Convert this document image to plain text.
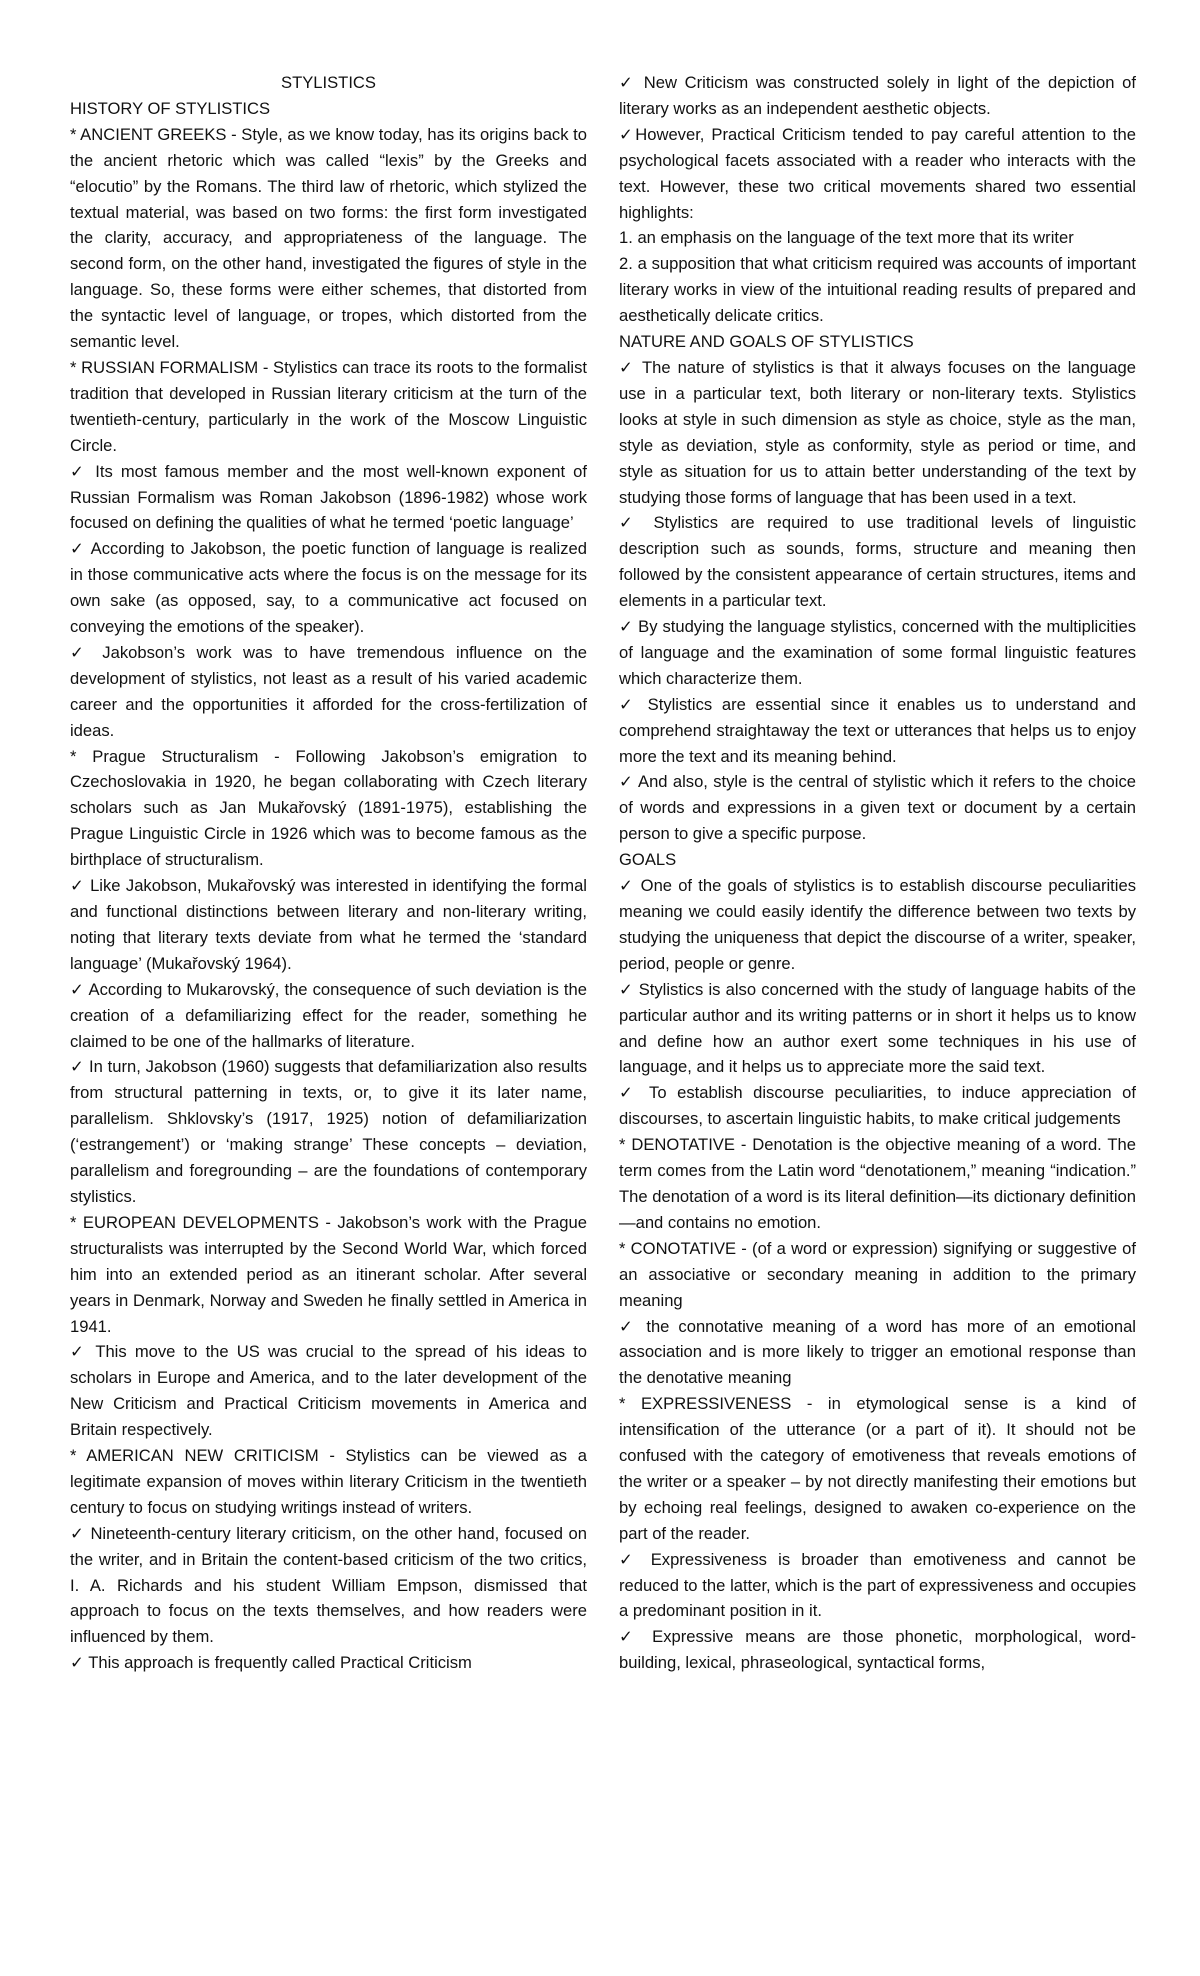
STYLISTICS

HISTORY OF STYLISTICS

* ANCIENT GREEKS - Style, as we know today, has its origins back to the ancient rhetoric which was called “lexis” by the Greeks and “elocutio” by the Romans. The third law of rhetoric, which stylized the textual material, was based on two forms: the first form investigated the clarity, accuracy, and appropriateness of the language. The second form, on the other hand, investigated the figures of style in the language. So, these forms were either schemes, that distorted from the syntactic level of language, or tropes, which distorted from the semantic level.

* RUSSIAN FORMALISM - Stylistics can trace its roots to the formalist tradition that developed in Russian literary criticism at the turn of the twentieth-century, particularly in the work of the Moscow Linguistic Circle.

✓ Its most famous member and the most well-known exponent of Russian Formalism was Roman Jakobson (1896-1982) whose work focused on defining the qualities of what he termed ‘poetic language’

✓ According to Jakobson, the poetic function of language is realized in those communicative acts where the focus is on the message for its own sake (as opposed, say, to a communicative act focused on conveying the emotions of the speaker).

✓ Jakobson’s work was to have tremendous influence on the development of stylistics, not least as a result of his varied academic career and the opportunities it afforded for the cross-fertilization of ideas.

* Prague Structuralism - Following Jakobson’s emigration to Czechoslovakia in 1920, he began collaborating with Czech literary scholars such as Jan Mukařovský (1891-1975), establishing the Prague Linguistic Circle in 1926 which was to become famous as the birthplace of structuralism.

✓ Like Jakobson, Mukařovský was interested in identifying the formal and functional distinctions between literary and non-literary writing, noting that literary texts deviate from what he termed the ‘standard language’ (Mukařovský 1964).

✓ According to Mukarovský, the consequence of such deviation is the creation of a defamiliarizing effect for the reader, something he claimed to be one of the hallmarks of literature.

✓ In turn, Jakobson (1960) suggests that defamiliarization also results from structural patterning in texts, or, to give it its later name, parallelism. Shklovsky’s (1917, 1925) notion of defamiliarization (‘estrangement’) or ‘making strange’ These concepts – deviation, parallelism and foregrounding – are the foundations of contemporary stylistics.

* EUROPEAN DEVELOPMENTS - Jakobson’s work with the Prague structuralists was interrupted by the Second World War, which forced him into an extended period as an itinerant scholar. After several years in Denmark, Norway and Sweden he finally settled in America in 1941.

✓ This move to the US was crucial to the spread of his ideas to scholars in Europe and America, and to the later development of the New Criticism and Practical Criticism movements in America and Britain respectively.

* AMERICAN NEW CRITICISM - Stylistics can be viewed as a legitimate expansion of moves within literary Criticism in the twentieth century to focus on studying writings instead of writers.

✓ Nineteenth-century literary criticism, on the other hand, focused on the writer, and in Britain the content-based criticism of the two critics, I. A. Richards and his student William Empson, dismissed that approach to focus on the texts themselves, and how readers were influenced by them.

✓ This approach is frequently called Practical Criticism

✓ New Criticism was constructed solely in light of the depiction of literary works as an independent aesthetic objects.

✓However, Practical Criticism tended to pay careful attention to the psychological facets associated with a reader who interacts with the text. However, these two critical movements shared two essential highlights:

1. an emphasis on the language of the text more that its writer

2. a supposition that what criticism required was accounts of important literary works in view of the intuitional reading results of prepared and aesthetically delicate critics.

NATURE AND GOALS OF STYLISTICS

✓ The nature of stylistics is that it always focuses on the language use in a particular text, both literary or non-literary texts. Stylistics looks at style in such dimension as style as choice, style as the man, style as deviation, style as conformity, style as period or time, and style as situation for us to attain better understanding of the text by studying those forms of language that has been used in a text.

✓ Stylistics are required to use traditional levels of linguistic description such as sounds, forms, structure and meaning then followed by the consistent appearance of certain structures, items and elements in a particular text.

✓ By studying the language stylistics, concerned with the multiplicities of language and the examination of some formal linguistic features which characterize them.

✓ Stylistics are essential since it enables us to understand and comprehend straightaway the text or utterances that helps us to enjoy more the text and its meaning behind.

✓ And also, style is the central of stylistic which it refers to the choice of words and expressions in a given text or document by a certain person to give a specific purpose.

GOALS

✓ One of the goals of stylistics is to establish discourse peculiarities meaning we could easily identify the difference between two texts by studying the uniqueness that depict the discourse of a writer, speaker, period, people or genre.

✓ Stylistics is also concerned with the study of language habits of the particular author and its writing patterns or in short it helps us to know and define how an author exert some techniques in his use of language, and it helps us to appreciate more the said text.

✓ To establish discourse peculiarities, to induce appreciation of discourses, to ascertain linguistic habits, to make critical judgements

* DENOTATIVE - Denotation is the objective meaning of a word. The term comes from the Latin word “denotationem,” meaning “indication.” The denotation of a word is its literal definition—its dictionary definition—and contains no emotion.

* CONOTATIVE - (of a word or expression) signifying or suggestive of an associative or secondary meaning in addition to the primary meaning

✓ the connotative meaning of a word has more of an emotional association and is more likely to trigger an emotional response than the denotative meaning

* EXPRESSIVENESS - in etymological sense is a kind of intensification of the utterance (or a part of it). It should not be confused with the category of emotiveness that reveals emotions of the writer or a speaker – by not directly manifesting their emotions but by echoing real feelings, designed to awaken co-experience on the part of the reader.

✓ Expressiveness is broader than emotiveness and cannot be reduced to the latter, which is the part of expressiveness and occupies a predominant position in it.

✓ Expressive means are those phonetic, morphological, word-building, lexical, phraseological, syntactical forms,
